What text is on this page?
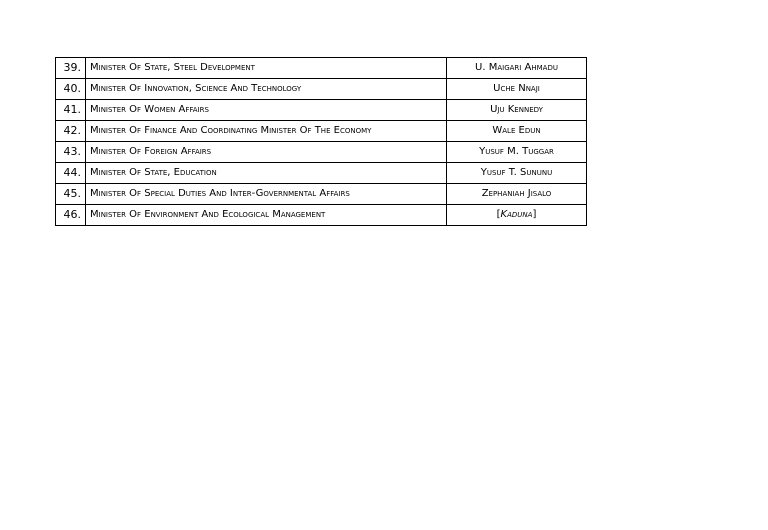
39.	Minister Of State, Steel Development	U. Maigari Ahmadu
40.	Minister Of Innovation, Science And Technology	Uche Nnaji
41.	Minister Of Women Affairs	Uju Kennedy
42.	Minister Of Finance And Coordinating Minister Of The Economy	Wale Edun
43.	Minister Of Foreign Affairs	Yusuf M. Tuggar
44.	Minister Of State, Education	Yusuf T. Sununu
45.	Minister Of Special Duties And Inter-Governmental Affairs	Zephaniah Jisalo
46.	Minister Of Environment And Ecological Management	[Kaduna]
